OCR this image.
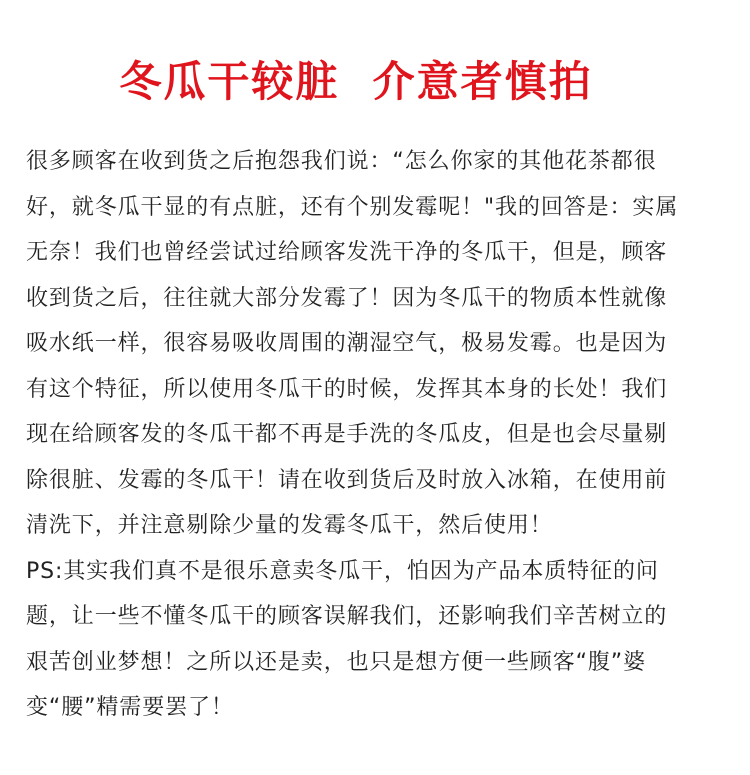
冬瓜干较脏  介意者慎拍
很多顾客在收到货之后抱怨我们说：“怎么你家的其他花茶都很
好，就冬瓜干显的有点脏，还有个别发霉呢！"我的回答是：实属
无奈！我们也曾经尝试过给顾客发洗干净的冬瓜干，但是，顾客
收到货之后，往往就大部分发霉了！因为冬瓜干的物质本性就像
吸水纸一样，很容易吸收周围的潮湿空气，极易发霉。也是因为
有这个特征，所以使用冬瓜干的时候，发挥其本身的长处！我们
现在给顾客发的冬瓜干都不再是手洗的冬瓜皮，但是也会尽量剔
除很脏、发霉的冬瓜干！请在收到货后及时放入冰箱，在使用前
清洗下，并注意剔除少量的发霉冬瓜干，然后使用！
PS:其实我们真不是很乐意卖冬瓜干，怕因为产品本质特征的问
题，让一些不懂冬瓜干的顾客误解我们，还影响我们辛苦树立的
艰苦创业梦想！之所以还是卖，也只是想方便一些顾客“腹”婆
变“腰”精需要罢了！
